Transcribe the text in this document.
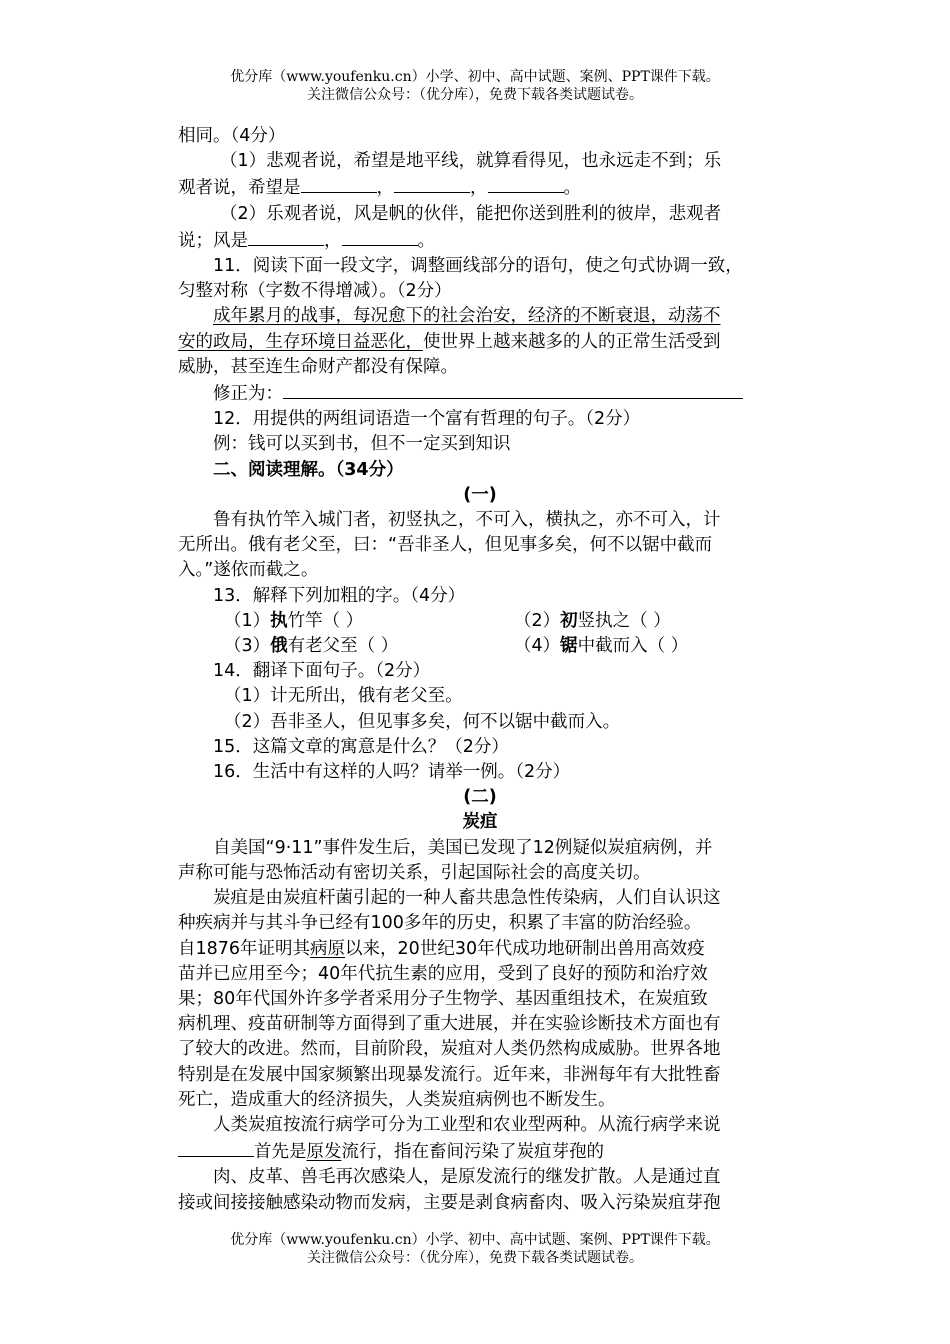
优分库（www.youfenku.cn）小学、初中、高中试题、案例、PPT课件下载。
关注微信公众号：（优分库），免费下载各类试题试卷。

相同。（4分）

（1）悲观者说，希望是地平线，就算看得见，也永远走不到；乐

观者说，希望是	，	，	。

（2）乐观者说，风是帆的伙伴，能把你送到胜利的彼岸，悲观者

说；风是	，	。

11．阅读下面一段文字，调整画线部分的语句，使之句式协调一致，

匀整对称（字数不得增减）。（2分）

成年累月的战事，每况愈下的社会治安，经济的不断衰退，动荡不

安的政局，生存环境日益恶化，使世界上越来越多的人的正常生活受到

威胁，甚至连生命财产都没有保障。

修正为：

12．用提供的两组词语造一个富有哲理的句子。（2分）

例：钱可以买到书，但不一定买到知识

二、阅读理解。（34分）

(一)

鲁有执竹竿入城门者，初竖执之，不可入，横执之，亦不可入，计

无所出。俄有老父至，曰：“吾非圣人，但见事多矣，何不以锯中截而

入。”遂依而截之。

13．解释下列加粗的字。（4分）

（1）执竹竿（ ）	（2）初竖执之（ ）

（3）俄有老父至（ ）	（4）锯中截而入（ ）

14．翻译下面句子。（2分）

（1）计无所出，俄有老父至。

（2）吾非圣人，但见事多矣，何不以锯中截而入。

15．这篇文章的寓意是什么？（2分）

16．生活中有这样的人吗？请举一例。（2分）

(二)

炭疽

自美国“9·11”事件发生后，美国已发现了12例疑似炭疽病例，并

声称可能与恐怖活动有密切关系，引起国际社会的高度关切。

炭疽是由炭疽杆菌引起的一种人畜共患急性传染病，人们自认识这

种疾病并与其斗争已经有100多年的历史，积累了丰富的防治经验。

自1876年证明其病原以来，20世纪30年代成功地研制出兽用高效疫

苗并已应用至今；40年代抗生素的应用，受到了良好的预防和治疗效

果；80年代国外许多学者采用分子生物学、基因重组技术，在炭疽致

病机理、疫苗研制等方面得到了重大进展，并在实验诊断技术方面也有

了较大的改进。然而，目前阶段，炭疽对人类仍然构成威胁。世界各地

特别是在发展中国家频繁出现暴发流行。近年来，非洲每年有大批牲畜

死亡，造成重大的经济损失，人类炭疽病例也不断发生。

人类炭疽按流行病学可分为工业型和农业型两种。从流行病学来说

首先是原发流行，指在畜间污染了炭疽芽孢的

肉、皮革、兽毛再次感染人，是原发流行的继发扩散。人是通过直

接或间接接触感染动物而发病，主要是剥食病畜肉、吸入污染炭疽芽孢

优分库（www.youfenku.cn）小学、初中、高中试题、案例、PPT课件下载。
关注微信公众号：（优分库），免费下载各类试题试卷。
